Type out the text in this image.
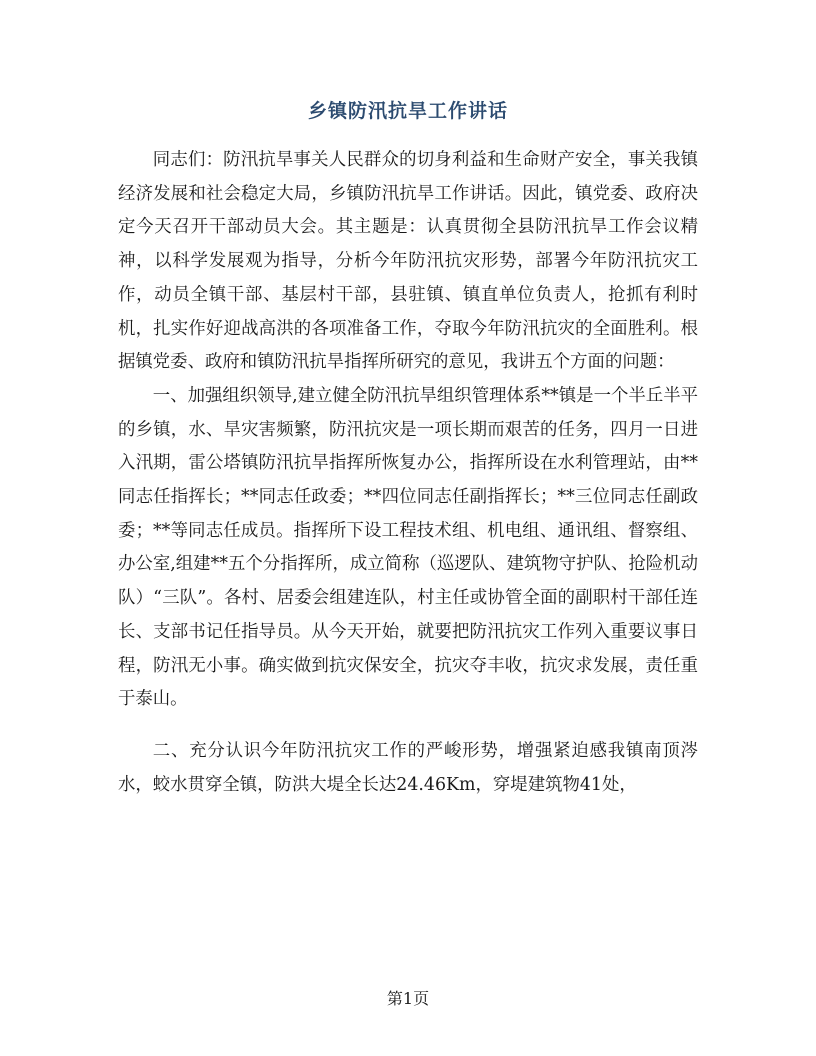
乡镇防汛抗旱工作讲话

同志们：防汛抗旱事关人民群众的切身利益和生命财产安全，事关我镇经济发展和社会稳定大局，乡镇防汛抗旱工作讲话。因此，镇党委、政府决定今天召开干部动员大会。其主题是：认真贯彻全县防汛抗旱工作会议精神，以科学发展观为指导，分析今年防汛抗灾形势，部署今年防汛抗灾工作，动员全镇干部、基层村干部，县驻镇、镇直单位负责人，抢抓有利时机，扎实作好迎战高洪的各项准备工作，夺取今年防汛抗灾的全面胜利。根据镇党委、政府和镇防汛抗旱指挥所研究的意见，我讲五个方面的问题：

一、加强组织领导,建立健全防汛抗旱组织管理体系**镇是一个半丘半平的乡镇，水、旱灾害频繁，防汛抗灾是一项长期而艰苦的任务，四月一日进入汛期，雷公塔镇防汛抗旱指挥所恢复办公，指挥所设在水利管理站，由**同志任指挥长；**同志任政委；**四位同志任副指挥长；**三位同志任副政委；**等同志任成员。指挥所下设工程技术组、机电组、通讯组、督察组、办公室,组建**五个分指挥所，成立简称（巡逻队、建筑物守护队、抢险机动队）“三队”。各村、居委会组建连队，村主任或协管全面的副职村干部任连长、支部书记任指导员。从今天开始，就要把防汛抗灾工作列入重要议事日程，防汛无小事。确实做到抗灾保安全，抗灾夺丰收，抗灾求发展，责任重于泰山。

二、充分认识今年防汛抗灾工作的严峻形势，增强紧迫感我镇南顶涔水，蛟水贯穿全镇，防洪大堤全长达24.46Km，穿堤建筑物41处，

第1页
